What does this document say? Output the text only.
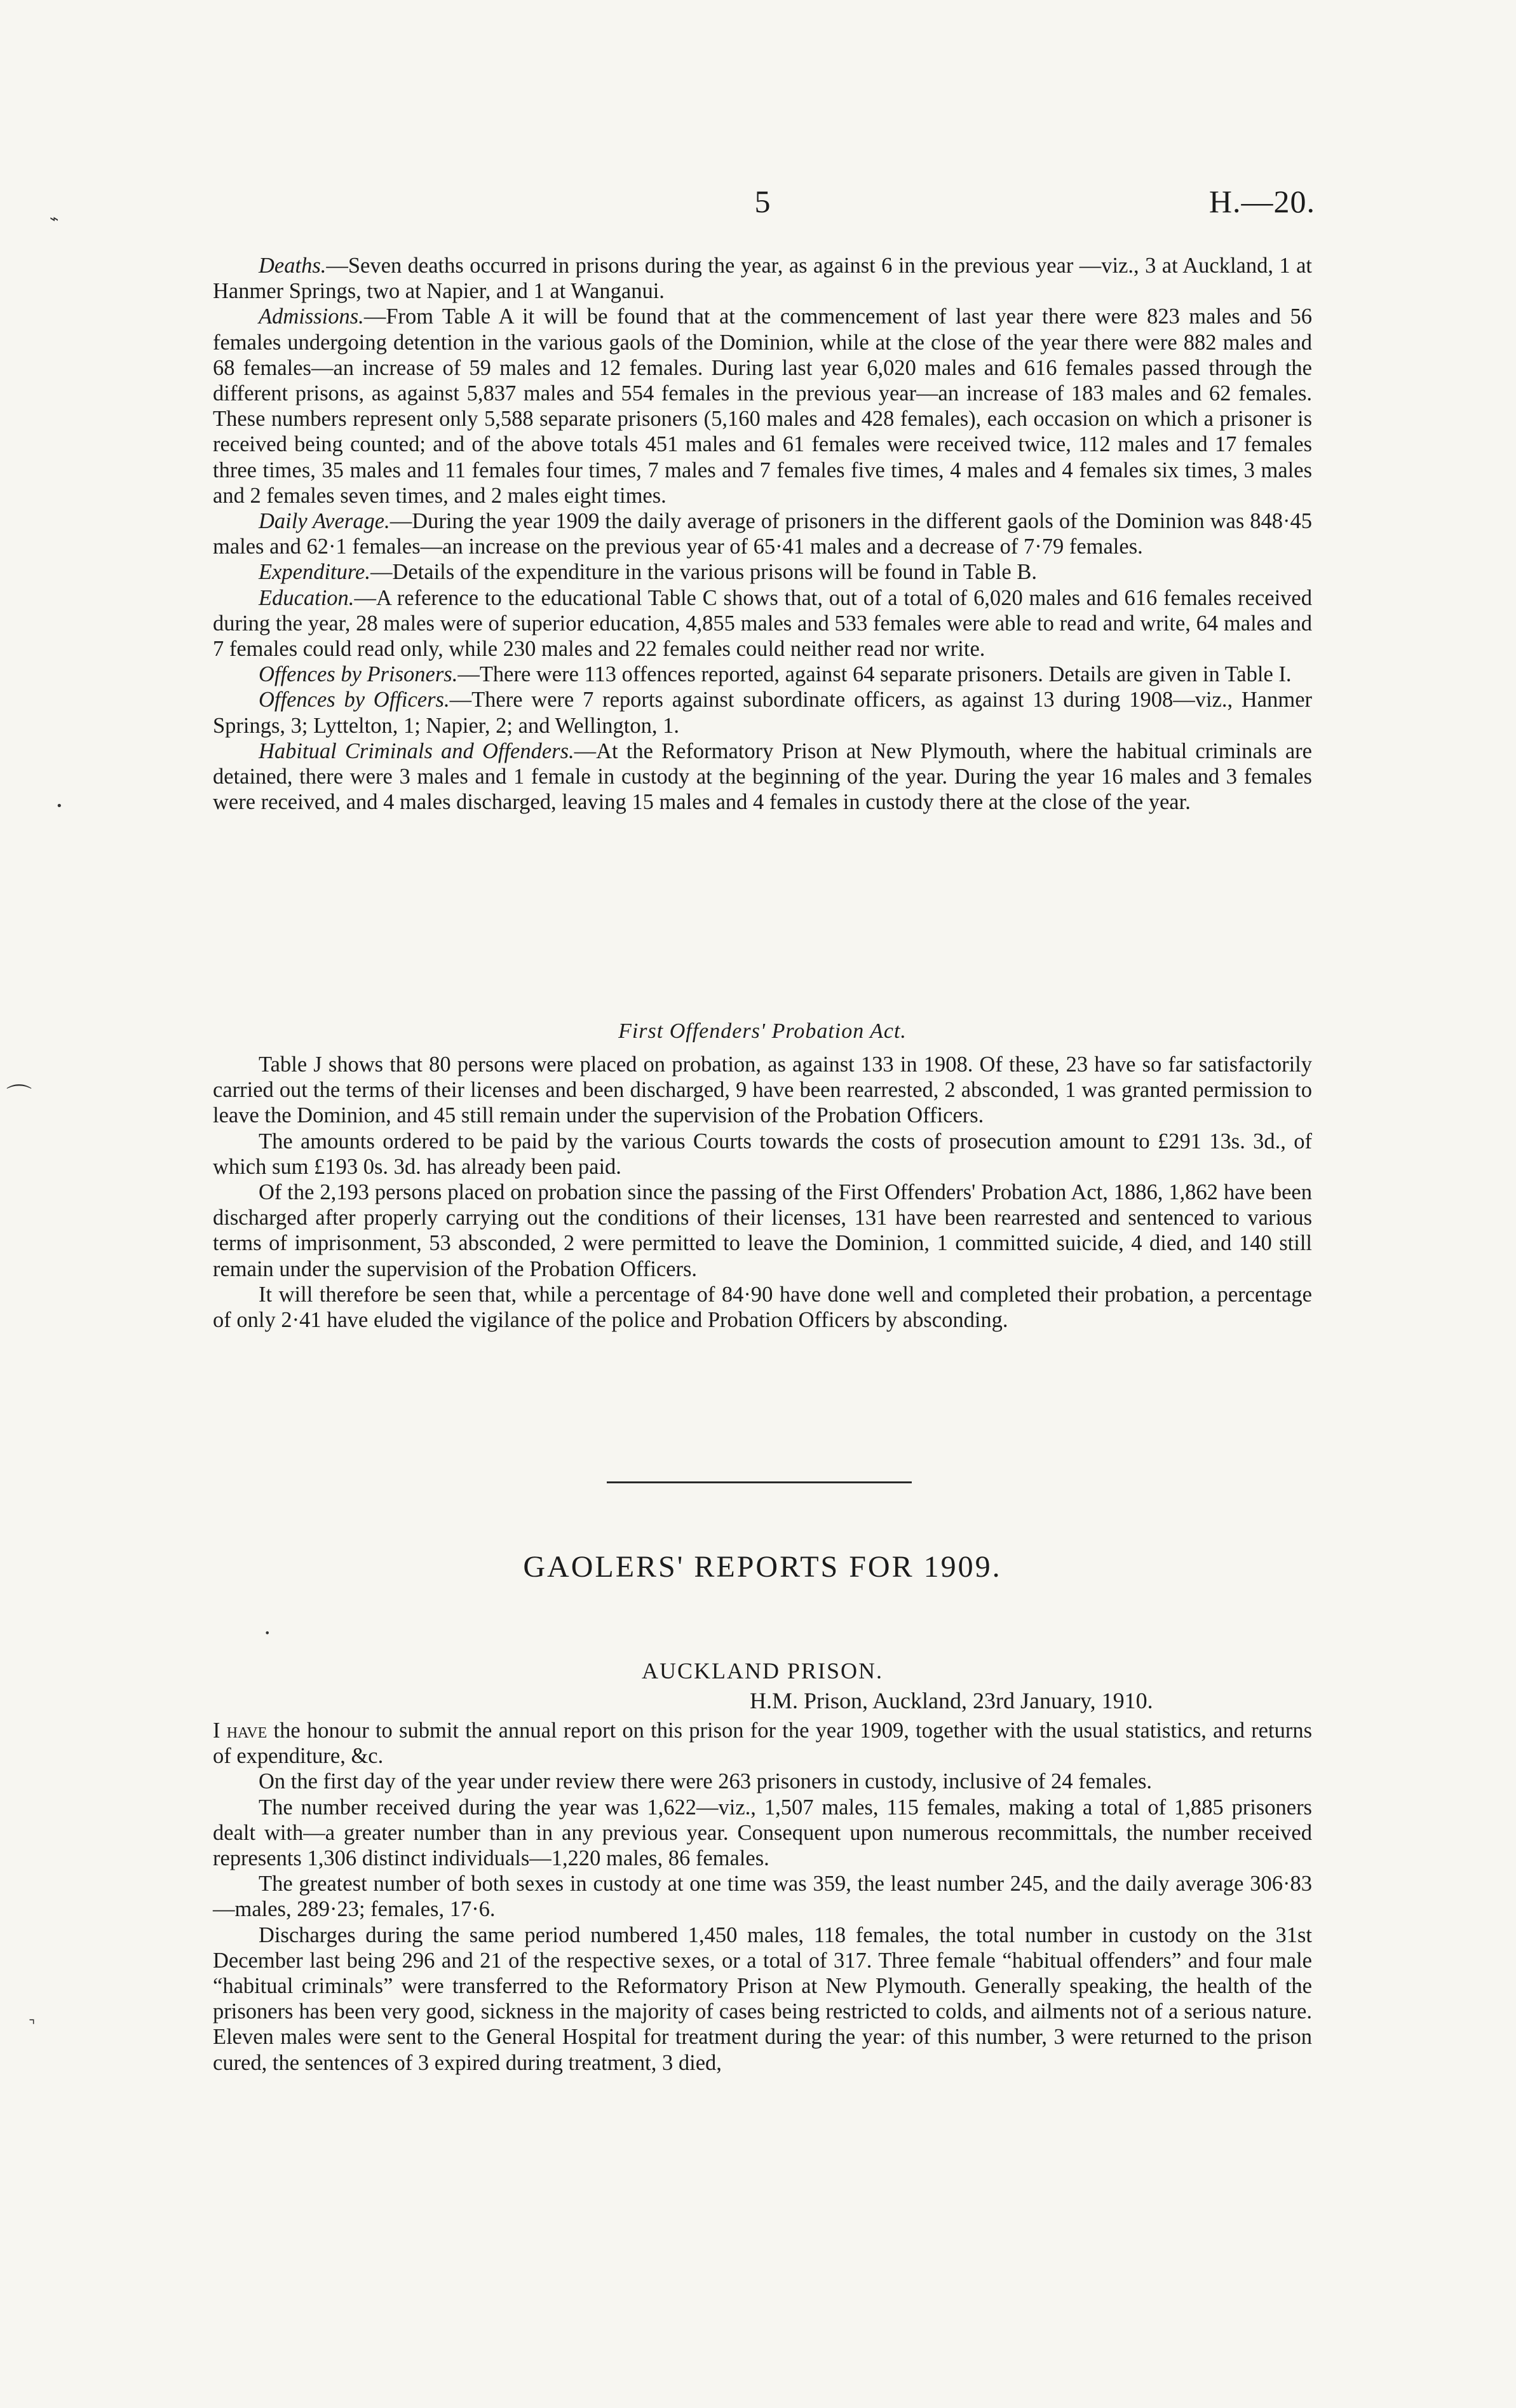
⌁
•
⌒
•
⌝
5	H.—20.

Deaths.—Seven deaths occurred in prisons during the year, as against 6 in the previous year —viz., 3 at Auckland, 1 at Hanmer Springs, two at Napier, and 1 at Wanganui.

Admissions.—From Table A it will be found that at the commencement of last year there were 823 males and 56 females undergoing detention in the various gaols of the Dominion, while at the close of the year there were 882 males and 68 females—an increase of 59 males and 12 females. During last year 6,020 males and 616 females passed through the different prisons, as against 5,837 males and 554 females in the previous year—an increase of 183 males and 62 females. These numbers represent only 5,588 separate prisoners (5,160 males and 428 females), each occasion on which a prisoner is received being counted; and of the above totals 451 males and 61 females were received twice, 112 males and 17 females three times, 35 males and 11 females four times, 7 males and 7 females five times, 4 males and 4 females six times, 3 males and 2 females seven times, and 2 males eight times.

Daily Average.—During the year 1909 the daily average of prisoners in the different gaols of the Dominion was 848·45 males and 62·1 females—an increase on the previous year of 65·41 males and a decrease of 7·79 females.

Expenditure.—Details of the expenditure in the various prisons will be found in Table B.

Education.—A reference to the educational Table C shows that, out of a total of 6,020 males and 616 females received during the year, 28 males were of superior education, 4,855 males and 533 females were able to read and write, 64 males and 7 females could read only, while 230 males and 22 females could neither read nor write.

Offences by Prisoners.—There were 113 offences reported, against 64 separate prisoners. Details are given in Table I.

Offences by Officers.—There were 7 reports against subordinate officers, as against 13 during 1908—viz., Hanmer Springs, 3; Lyttelton, 1; Napier, 2; and Wellington, 1.

Habitual Criminals and Offenders.—At the Reformatory Prison at New Plymouth, where the habitual criminals are detained, there were 3 males and 1 female in custody at the beginning of the year. During the year 16 males and 3 females were received, and 4 males discharged, leaving 15 males and 4 females in custody there at the close of the year.

First Offenders' Probation Act.

Table J shows that 80 persons were placed on probation, as against 133 in 1908. Of these, 23 have so far satisfactorily carried out the terms of their licenses and been discharged, 9 have been rearrested, 2 absconded, 1 was granted permission to leave the Dominion, and 45 still remain under the supervision of the Probation Officers.

The amounts ordered to be paid by the various Courts towards the costs of prosecution amount to £291 13s. 3d., of which sum £193 0s. 3d. has already been paid.

Of the 2,193 persons placed on probation since the passing of the First Offenders' Probation Act, 1886, 1,862 have been discharged after properly carrying out the conditions of their licenses, 131 have been rearrested and sentenced to various terms of imprisonment, 53 absconded, 2 were permitted to leave the Dominion, 1 committed suicide, 4 died, and 140 still remain under the supervision of the Probation Officers.

It will therefore be seen that, while a percentage of 84·90 have done well and completed their probation, a percentage of only 2·41 have eluded the vigilance of the police and Probation Officers by absconding.

GAOLERS' REPORTS FOR 1909.
AUCKLAND PRISON.
H.M. Prison, Auckland, 23rd January, 1910.

I have the honour to submit the annual report on this prison for the year 1909, together with the usual statistics, and returns of expenditure, &c.

On the first day of the year under review there were 263 prisoners in custody, inclusive of 24 females.

The number received during the year was 1,622—viz., 1,507 males, 115 females, making a total of 1,885 prisoners dealt with—a greater number than in any previous year. Consequent upon numerous recommittals, the number received represents 1,306 distinct individuals—1,220 males, 86 females.

The greatest number of both sexes in custody at one time was 359, the least number 245, and the daily average 306·83—males, 289·23; females, 17·6.

Discharges during the same period numbered 1,450 males, 118 females, the total number in custody on the 31st December last being 296 and 21 of the respective sexes, or a total of 317. Three female “habitual offenders” and four male “habitual criminals” were transferred to the Reformatory Prison at New Plymouth. Generally speaking, the health of the prisoners has been very good, sickness in the majority of cases being restricted to colds, and ailments not of a serious nature. Eleven males were sent to the General Hospital for treatment during the year: of this number, 3 were returned to the prison cured, the sentences of 3 expired during treatment, 3 died,
